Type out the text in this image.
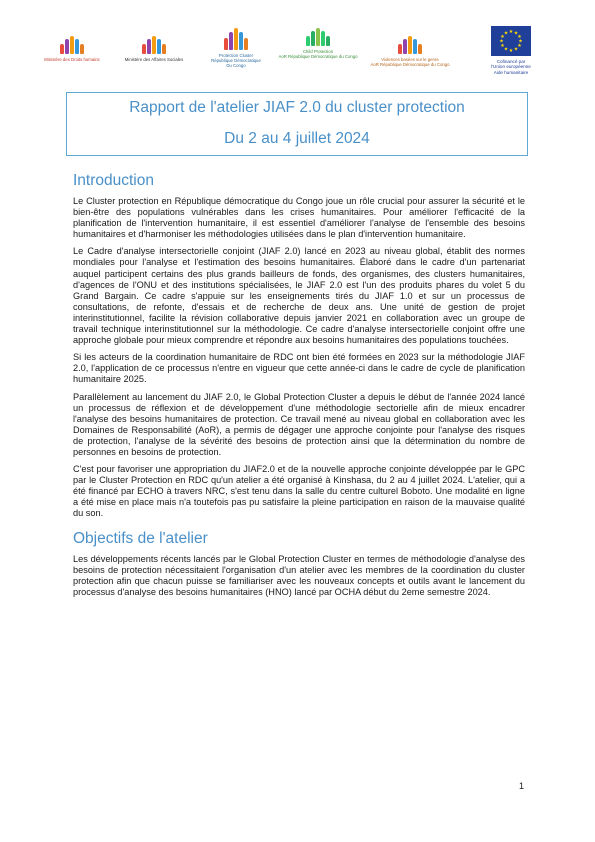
Ministère des Droits humains	Ministère des Affaires Sociales
Protection Cluster
République Démocratique
Du Congo
Child Protection
AoR République Démocratique du Congo
Violences basées sur le genre
AoR République Démocratique du Congo
★ ★
★
★
★
★
★
★
★
★
★
★
Cofinancé par
l'Union européenne
Aide humanitaire
Rapport de l'atelier JIAF 2.0 du cluster protection
Du 2 au 4 juillet 2024
Introduction

Le Cluster protection en République démocratique du Congo joue un rôle crucial pour assurer la sécurité et le bien-être des populations vulnérables dans les crises humanitaires. Pour améliorer l'efficacité de la planification de l'intervention humanitaire, il est essentiel d'améliorer l'analyse de l'ensemble des besoins humanitaires et d'harmoniser les méthodologies utilisées dans le plan d'intervention humanitaire.

Le Cadre d'analyse intersectorielle conjoint (JIAF 2.0) lancé en 2023 au niveau global, établit des normes mondiales pour l'analyse et l'estimation des besoins humanitaires. Élaboré dans le cadre d'un partenariat auquel participent certains des plus grands bailleurs de fonds, des organismes, des clusters humanitaires, d'agences de l'ONU et des institutions spécialisées, le JIAF 2.0 est l'un des produits phares du volet 5 du Grand Bargain. Ce cadre s'appuie sur les enseignements tirés du JIAF 1.0 et sur un processus de consultations, de refonte, d'essais et de recherche de deux ans. Une unité de gestion de projet interinstitutionnel, facilite la révision collaborative depuis janvier 2021 en collaboration avec un groupe de travail technique interinstitutionnel sur la méthodologie. Ce cadre d'analyse intersectorielle conjoint offre une approche globale pour mieux comprendre et répondre aux besoins humanitaires des populations touchées.

Si les acteurs de la coordination humanitaire de RDC ont bien été formées en 2023 sur la méthodologie JIAF 2.0, l'application de ce processus n'entre en vigueur que cette année-ci dans le cadre de cycle de planification humanitaire 2025.

Parallèlement au lancement du JIAF 2.0, le Global Protection Cluster a depuis le début de l'année 2024 lancé un processus de réflexion et de développement d'une méthodologie sectorielle afin de mieux encadrer l'analyse des besoins humanitaires de protection. Ce travail mené au niveau global en collaboration avec les Domaines de Responsabilité (AoR), a permis de dégager une approche conjointe pour l'analyse des risques de protection, l'analyse de la sévérité des besoins de protection ainsi que la détermination du nombre de personnes en besoins de protection.

C'est pour favoriser une appropriation du JIAF2.0 et de la nouvelle approche conjointe développée par le GPC par le Cluster Protection en RDC qu'un atelier a été organisé à Kinshasa, du 2 au 4 juillet 2024. L'atelier, qui a été financé par ECHO à travers NRC, s'est tenu dans la salle du centre culturel Boboto. Une modalité en ligne a été mise en place mais n'a toutefois pas pu satisfaire la pleine participation en raison de la mauvaise qualité du son.

Objectifs de l'atelier

Les développements récents lancés par le Global Protection Cluster en termes de méthodologie d'analyse des besoins de protection nécessitaient l'organisation d'un atelier avec les membres de la coordination du cluster protection afin que chacun puisse se familiariser avec les nouveaux concepts et outils avant le lancement du processus d'analyse des besoins humanitaires (HNO) lancé par OCHA début du 2eme semestre 2024.

1
